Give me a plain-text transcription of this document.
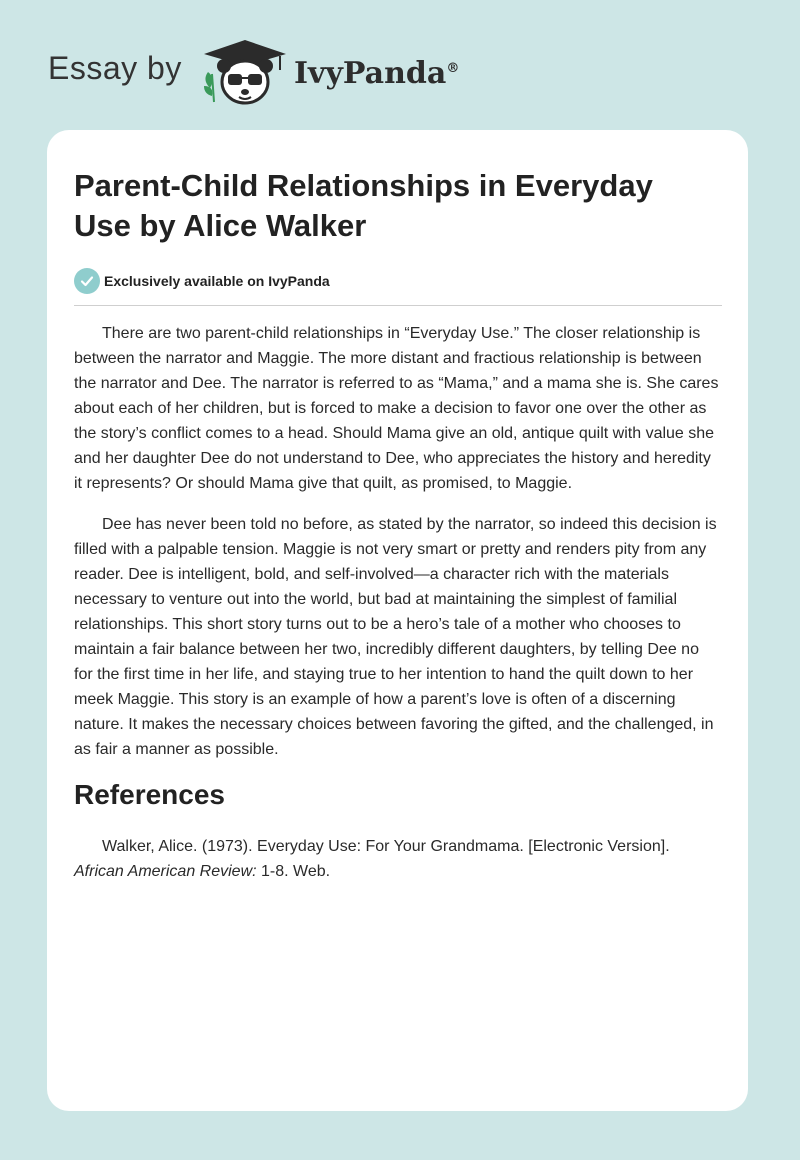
Essay by	IvyPanda®
Parent-Child Relationships in Everyday Use by Alice Walker
Exclusively available on IvyPanda

There are two parent-child relationships in “Everyday Use.” The closer relationship is between the narrator and Maggie. The more distant and fractious relationship is between the narrator and Dee. The narrator is referred to as “Mama,” and a mama she is. She cares about each of her children, but is forced to make a decision to favor one over the other as the story’s conflict comes to a head. Should Mama give an old, antique quilt with value she and her daughter Dee do not understand to Dee, who appreciates the history and heredity it represents? Or should Mama give that quilt, as promised, to Maggie.

Dee has never been told no before, as stated by the narrator, so indeed this decision is filled with a palpable tension. Maggie is not very smart or pretty and renders pity from any reader. Dee is intelligent, bold, and self-involved—a character rich with the materials necessary to venture out into the world, but bad at maintaining the simplest of familial relationships. This short story turns out to be a hero’s tale of a mother who chooses to maintain a fair balance between her two, incredibly different daughters, by telling Dee no for the first time in her life, and staying true to her intention to hand the quilt down to her meek Maggie. This story is an example of how a parent’s love is often of a discerning nature. It makes the necessary choices between favoring the gifted, and the challenged, in as fair a manner as possible.

References

Walker, Alice. (1973). Everyday Use: For Your Grandmama. [Electronic Version]. African American Review: 1-8. Web.
